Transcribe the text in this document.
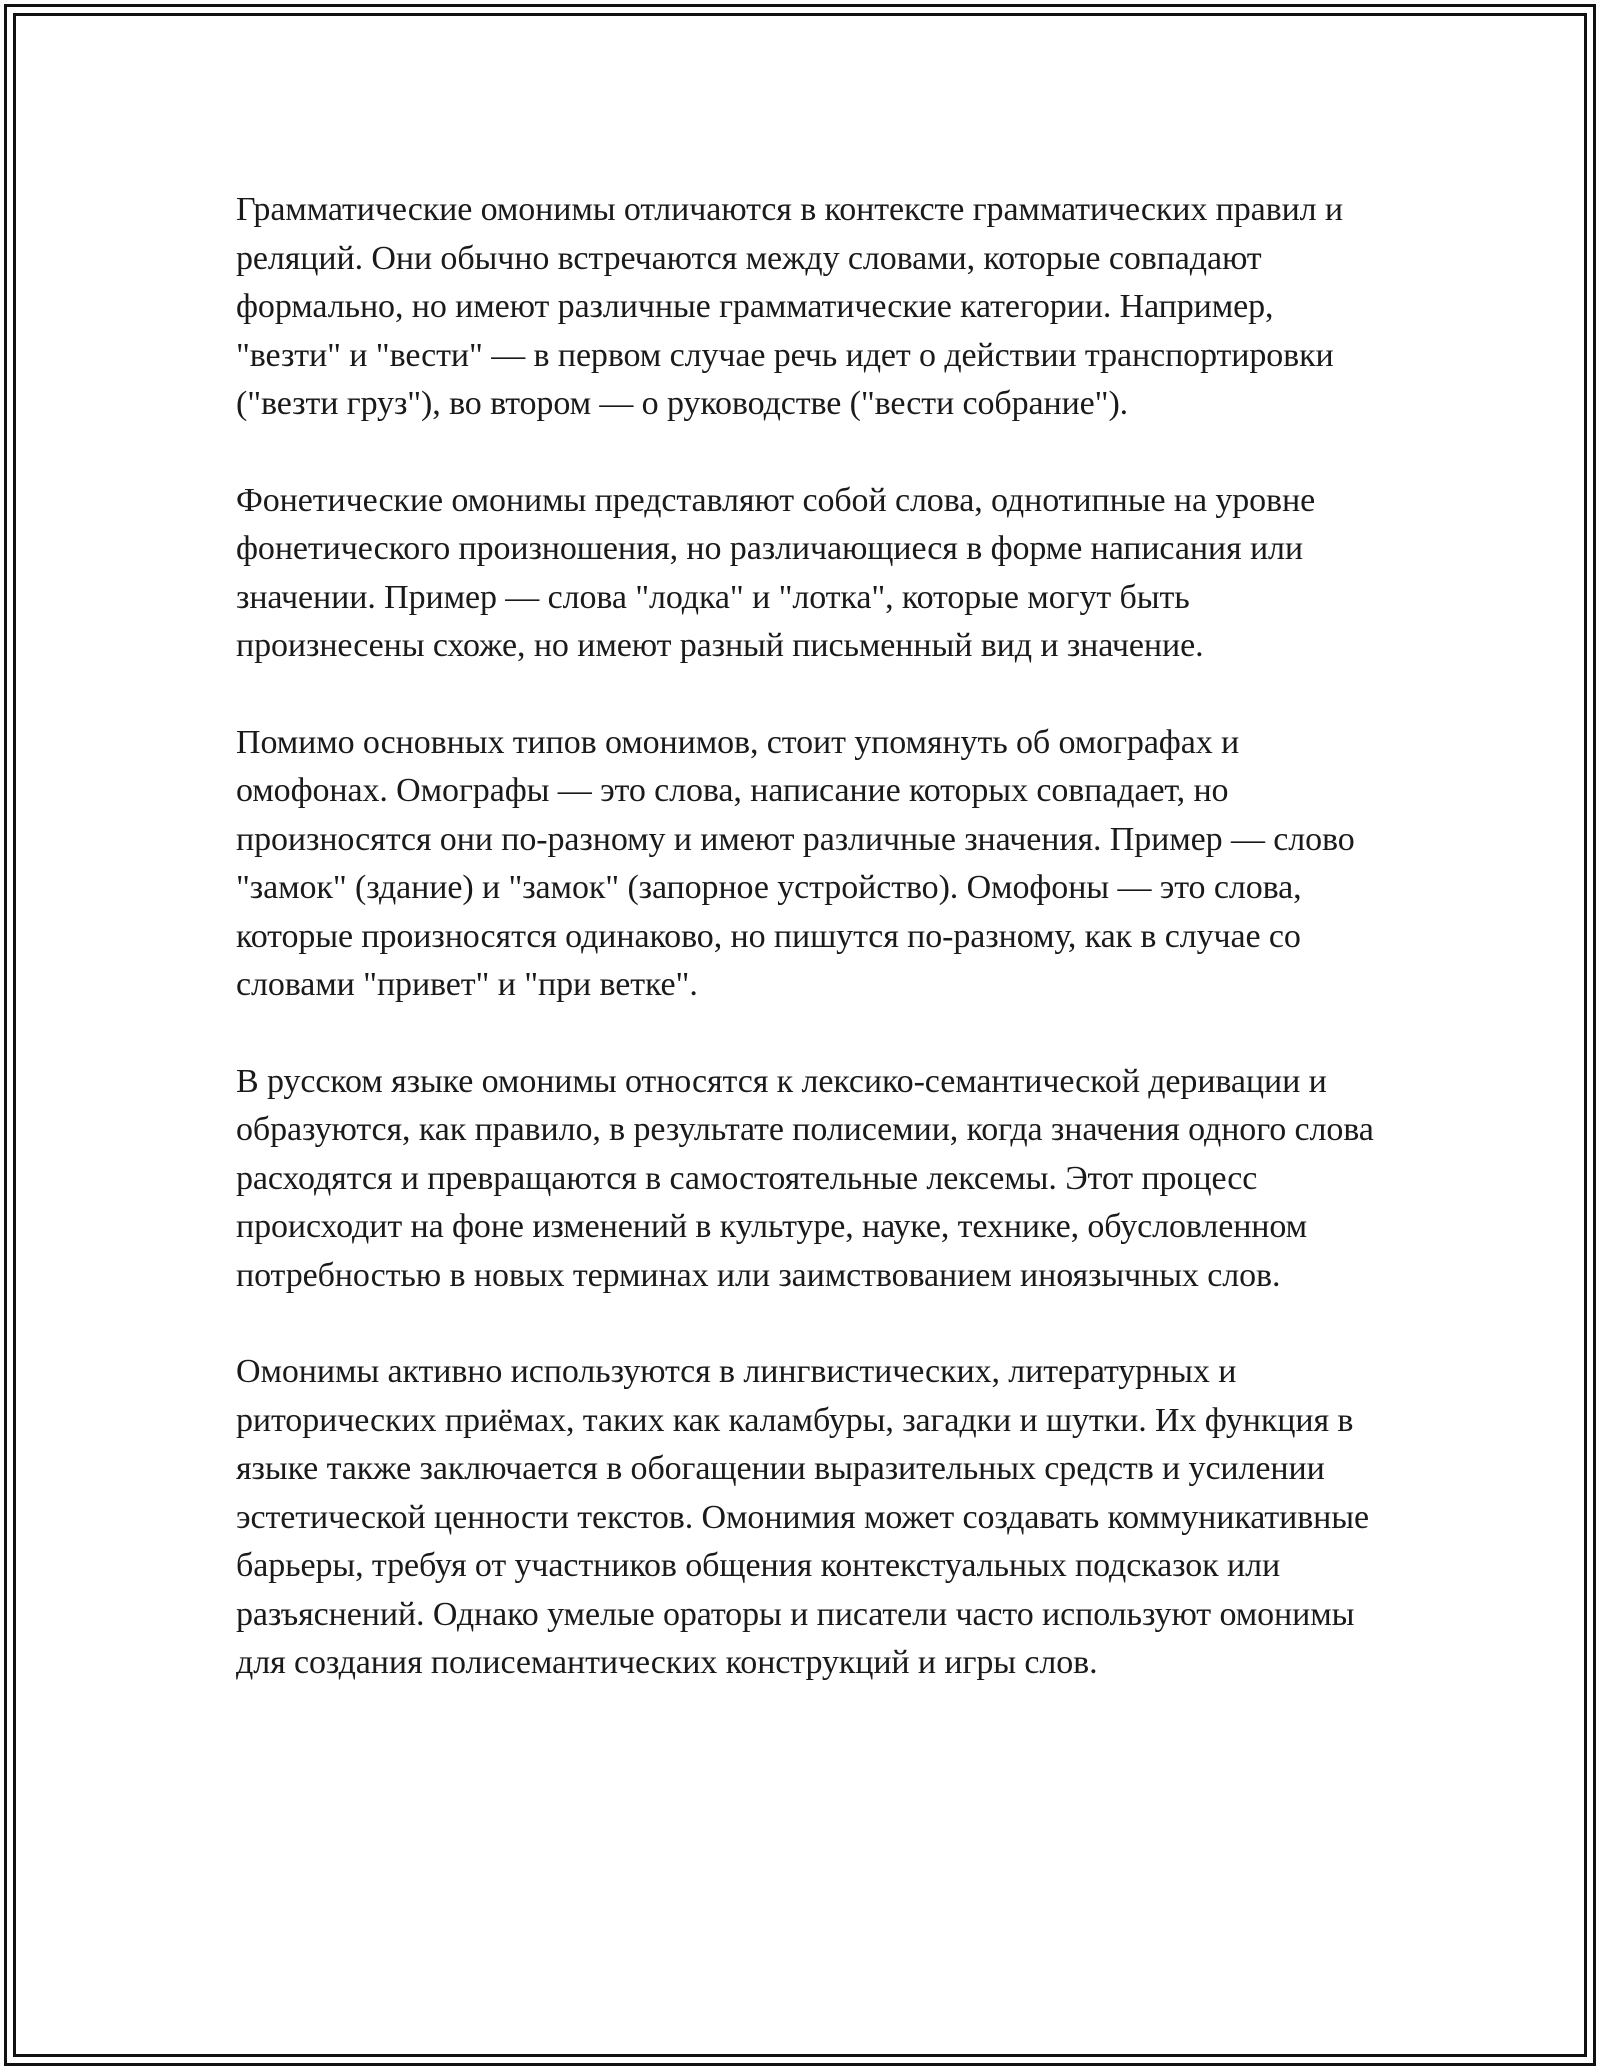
Грамматические омонимы отличаются в контексте грамматических правил и реляций. Они обычно встречаются между словами, которые совпадают формально, но имеют различные грамматические категории. Например, "везти" и "вести" — в первом случае речь идет о действии транспортировки ("везти груз"), во втором — о руководстве ("вести собрание").

Фонетические омонимы представляют собой слова, однотипные на уровне фонетического произношения, но различающиеся в форме написания или значении. Пример — слова "лодка" и "лотка", которые могут быть произнесены схоже, но имеют разный письменный вид и значение.

Помимо основных типов омонимов, стоит упомянуть об омографах и омофонах. Омографы — это слова, написание которых совпадает, но произносятся они по-разному и имеют различные значения. Пример — слово "замок" (здание) и "замок" (запорное устройство). Омофоны — это слова, которые произносятся одинаково, но пишутся по-разному, как в случае со словами "привет" и "при ветке".

В русском языке омонимы относятся к лексико-семантической деривации и образуются, как правило, в результате полисемии, когда значения одного слова расходятся и превращаются в самостоятельные лексемы. Этот процесс происходит на фоне изменений в культуре, науке, технике, обусловленном потребностью в новых терминах или заимствованием иноязычных слов.

Омонимы активно используются в лингвистических, литературных и риторических приёмах, таких как каламбуры, загадки и шутки. Их функция в языке также заключается в обогащении выразительных средств и усилении эстетической ценности текстов. Омонимия может создавать коммуникативные барьеры, требуя от участников общения контекстуальных подсказок или разъяснений. Однако умелые ораторы и писатели часто используют омонимы для создания полисемантических конструкций и игры слов.
